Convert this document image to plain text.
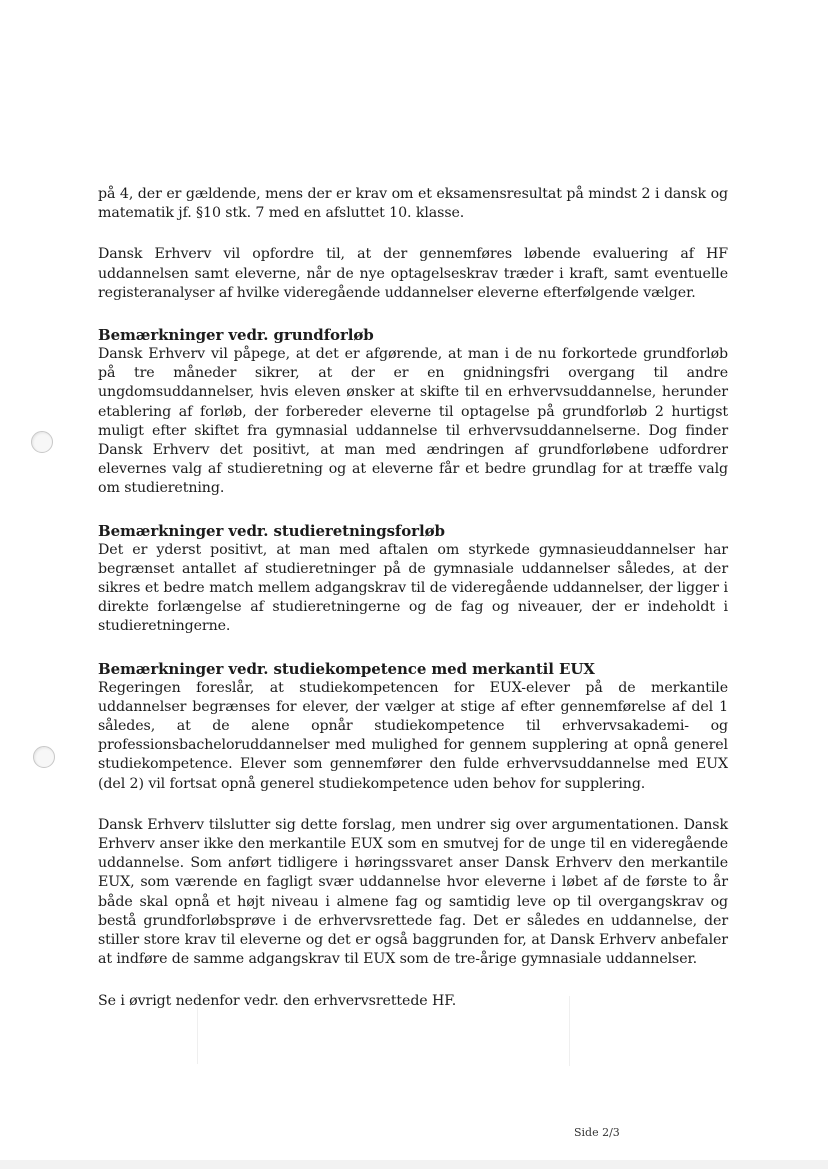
på 4, der er gældende, mens der er krav om et eksamensresultat på mindst 2 i dansk og matematik jf. §10 stk. 7 med en afsluttet 10. klasse.

Dansk Erhverv vil opfordre til, at der gennemføres løbende evaluering af HF uddannelsen samt eleverne, når de nye optagelseskrav træder i kraft, samt eventuelle registeranalyser af hvilke videregående uddannelser eleverne efterfølgende vælger.

Bemærkninger vedr. grundforløb

Dansk Erhverv vil påpege, at det er afgørende, at man i de nu forkortede grundforløb på tre måneder sikrer, at der er en gnidningsfri overgang til andre ungdomsuddannelser, hvis eleven ønsker at skifte til en erhvervsuddannelse, herunder etablering af forløb, der forbereder eleverne til optagelse på grundforløb 2 hurtigst muligt efter skiftet fra gymnasial uddannelse til erhvervsuddannelserne. Dog finder Dansk Erhverv det positivt, at man med ændringen af grundforløbene udfordrer elevernes valg af studieretning og at eleverne får et bedre grundlag for at træffe valg om studieretning.

Bemærkninger vedr. studieretningsforløb

Det er yderst positivt, at man med aftalen om styrkede gymnasieuddannelser har begrænset antallet af studieretninger på de gymnasiale uddannelser således, at der sikres et bedre match mellem adgangskrav til de videregående uddannelser, der ligger i direkte forlængelse af studieretningerne og de fag og niveauer, der er indeholdt i studieretningerne.

Bemærkninger vedr. studiekompetence med merkantil EUX

Regeringen foreslår, at studiekompetencen for EUX-elever på de merkantile uddannelser begrænses for elever, der vælger at stige af efter gennemførelse af del 1 således, at de alene opnår studiekompetence til erhvervsakademi- og professionsbacheloruddannelser med mulighed for gennem supplering at opnå generel studiekompetence. Elever som gennemfører den fulde erhvervsuddannelse med EUX (del 2) vil fortsat opnå generel studiekompetence uden behov for supplering.

Dansk Erhverv tilslutter sig dette forslag, men undrer sig over argumentationen. Dansk Erhverv anser ikke den merkantile EUX som en smutvej for de unge til en videregående uddannelse. Som anført tidligere i høringssvaret anser Dansk Erhverv den merkantile EUX, som værende en fagligt svær uddannelse hvor eleverne i løbet af de første to år både skal opnå et højt niveau i almene fag og samtidig leve op til overgangskrav og bestå grundforløbsprøve i de erhvervsrettede fag. Det er således en uddannelse, der stiller store krav til eleverne og det er også baggrunden for, at Dansk Erhverv anbefaler at indføre de samme adgangskrav til EUX som de tre-årige gymnasiale uddannelser.

Se i øvrigt nedenfor vedr. den erhvervsrettede HF.

Side 2/3
